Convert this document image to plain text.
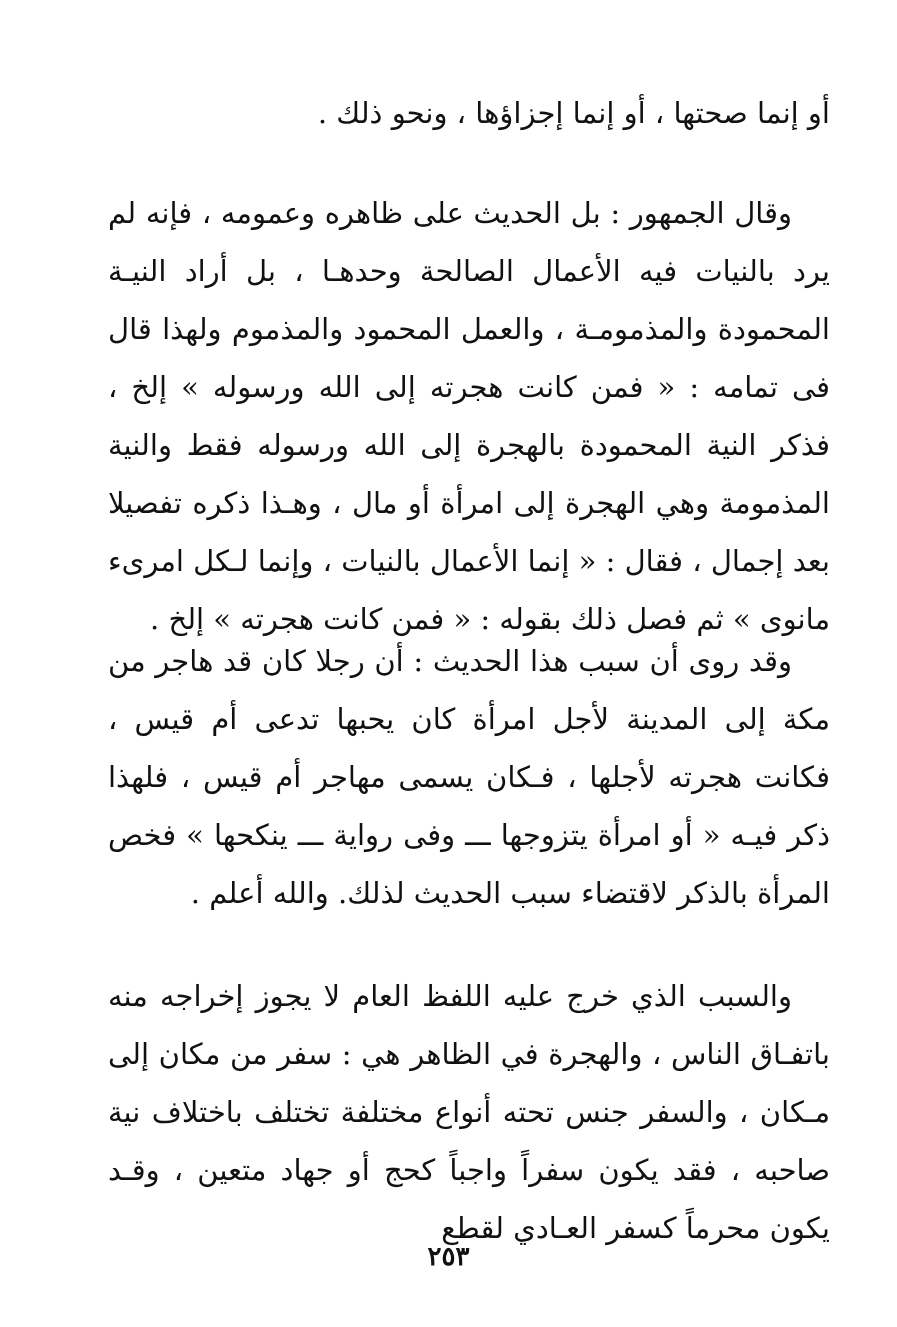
أو إنما صحتها ، أو إنما إجزاؤها ، ونحو ذلك .

وقال الجمهور : بل الحديث على ظاهره وعمومه ، فإنه لم يرد بالنيات فيه الأعمال الصالحة وحدهـا ، بل أراد النيـة المحمودة والمذمومـة ، والعمل المحمود والمذموم ولهذا قال فى تمامه : « فمن كانت هجرته إلى الله ورسوله » إلخ ، فذكر النية المحمودة بالهجرة إلى الله ورسوله فقط والنية المذمومة وهي الهجرة إلى امرأة أو مال ، وهـذا ذكره تفصيلا بعد إجمال ، فقال : « إنما الأعمال بالنيات ، وإنما لـكل امرىء مانوى » ثم فصل ذلك بقوله : « فمن كانت هجرته » إلخ .

وقد روى أن سبب هذا الحديث : أن رجلا كان قد هاجر من مكة إلى المدينة لأجل امرأة كان يحبها تدعى أم قيس ، فكانت هجرته لأجلها ، فـكان يسمى مهاجر أم قيس ، فلهذا ذكر فيـه « أو امرأة يتزوجها ـــ وفى رواية ـــ ينكحها » فخص المرأة بالذكر لاقتضاء سبب الحديث لذلك. والله أعلم .

والسبب الذي خرج عليه اللفظ العام لا يجوز إخراجه منه باتفـاق الناس ، والهجرة في الظاهر هي : سفر من مكان إلى مـكان ، والسفر جنس تحته أنواع مختلفة تختلف باختلاف نية صاحبه ، فقد يكون سفراً واجباً كحج أو جهاد متعين ، وقـد يكون محرماً كسفر العـادي لقطع

٢٥٣
